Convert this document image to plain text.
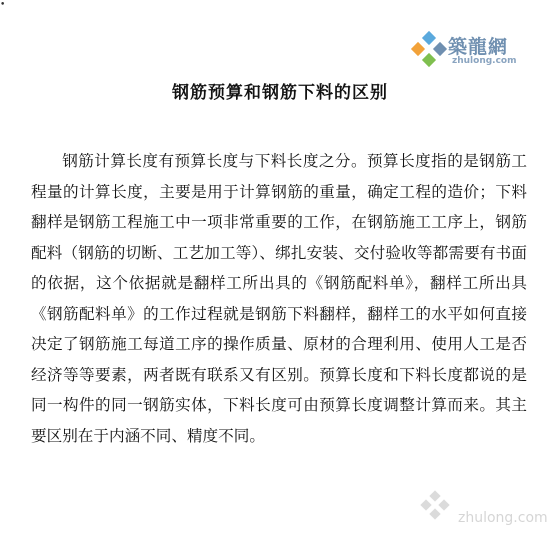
•
築龍網
zhulong.com
钢筋预算和钢筋下料的区别

钢筋计算长度有预算长度与下料长度之分。预算长度指的是钢筋工程量的计算长度，主要是用于计算钢筋的重量，确定工程的造价；下料翻样是钢筋工程施工中一项非常重要的工作，在钢筋施工工序上，钢筋配料（钢筋的切断、工艺加工等）、绑扎安装、交付验收等都需要有书面的依据，这个依据就是翻样工所出具的《钢筋配料单》，翻样工所出具《钢筋配料单》的工作过程就是钢筋下料翻样，翻样工的水平如何直接决定了钢筋施工每道工序的操作质量、原材的合理利用、使用人工是否经济等等要素，两者既有联系又有区别。预算长度和下料长度都说的是同一构件的同一钢筋实体，下料长度可由预算长度调整计算而来。其主要区别在于内涵不同、精度不同。

zhulong.com
